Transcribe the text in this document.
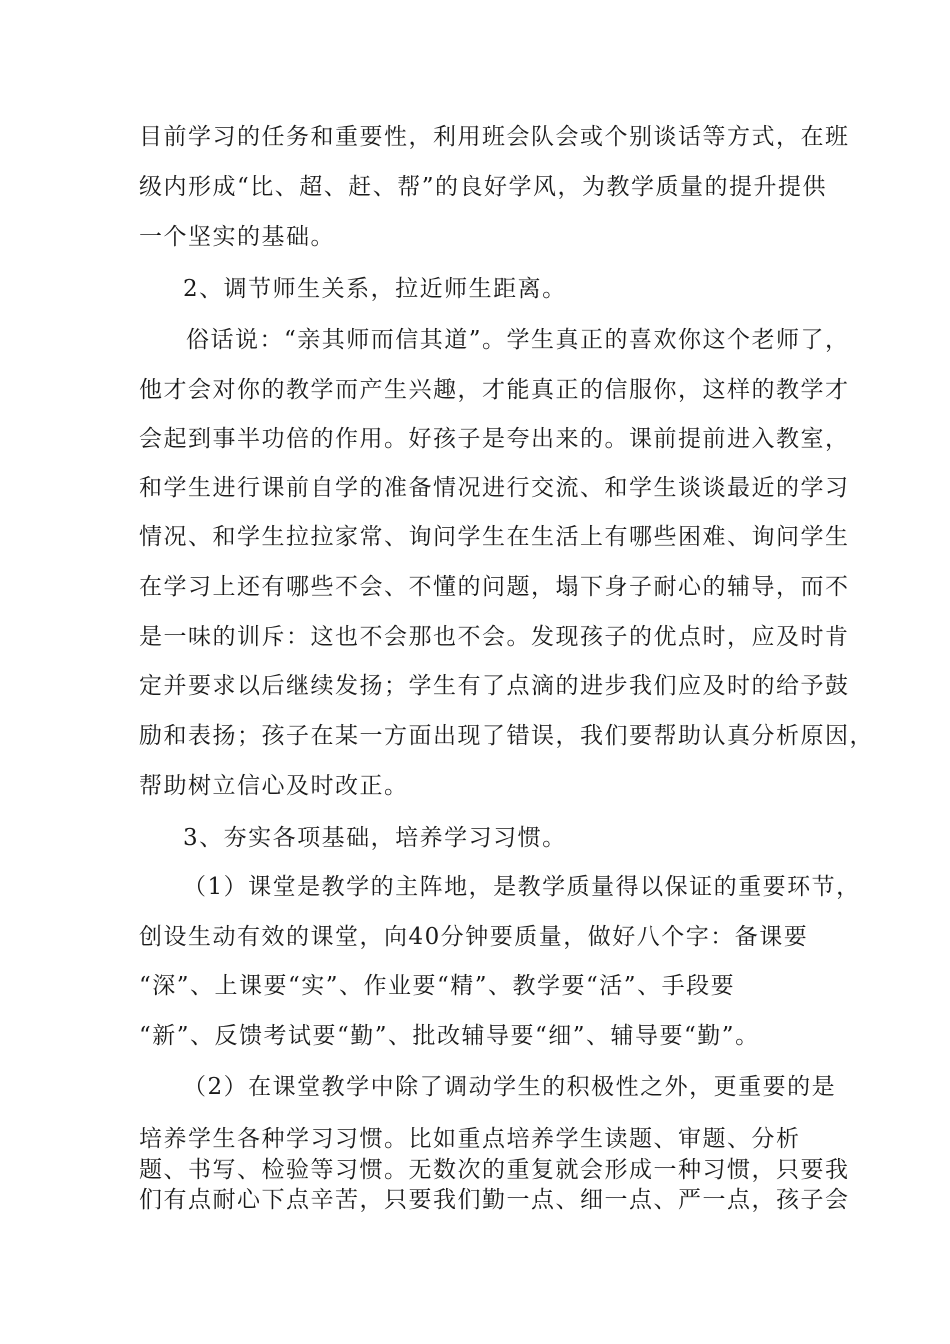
目前学习的任务和重要性，利用班会队会或个别谈话等方式，在班
级内形成“比、超、赶、帮”的良好学风，为教学质量的提升提供
一个坚实的基础。
2、调节师生关系，拉近师生距离。
俗话说：“亲其师而信其道”。学生真正的喜欢你这个老师了，
他才会对你的教学而产生兴趣，才能真正的信服你，这样的教学才
会起到事半功倍的作用。好孩子是夸出来的。课前提前进入教室，
和学生进行课前自学的准备情况进行交流、和学生谈谈最近的学习
情况、和学生拉拉家常、询问学生在生活上有哪些困难、询问学生
在学习上还有哪些不会、不懂的问题，塌下身子耐心的辅导，而不
是一味的训斥：这也不会那也不会。发现孩子的优点时，应及时肯
定并要求以后继续发扬；学生有了点滴的进步我们应及时的给予鼓
励和表扬；孩子在某一方面出现了错误，我们要帮助认真分析原因，
帮助树立信心及时改正。
3、夯实各项基础，培养学习习惯。
（1）课堂是教学的主阵地，是教学质量得以保证的重要环节，
创设生动有效的课堂，向40分钟要质量，做好八个字：备课要
“深”、上课要“实”、作业要“精”、教学要“活”、手段要
“新”、反馈考试要“勤”、批改辅导要“细”、辅导要“勤”。
（2）在课堂教学中除了调动学生的积极性之外，更重要的是
培养学生各种学习习惯。比如重点培养学生读题、审题、分析
题、书写、检验等习惯。无数次的重复就会形成一种习惯，只要我
们有点耐心下点辛苦，只要我们勤一点、细一点、严一点，孩子会
